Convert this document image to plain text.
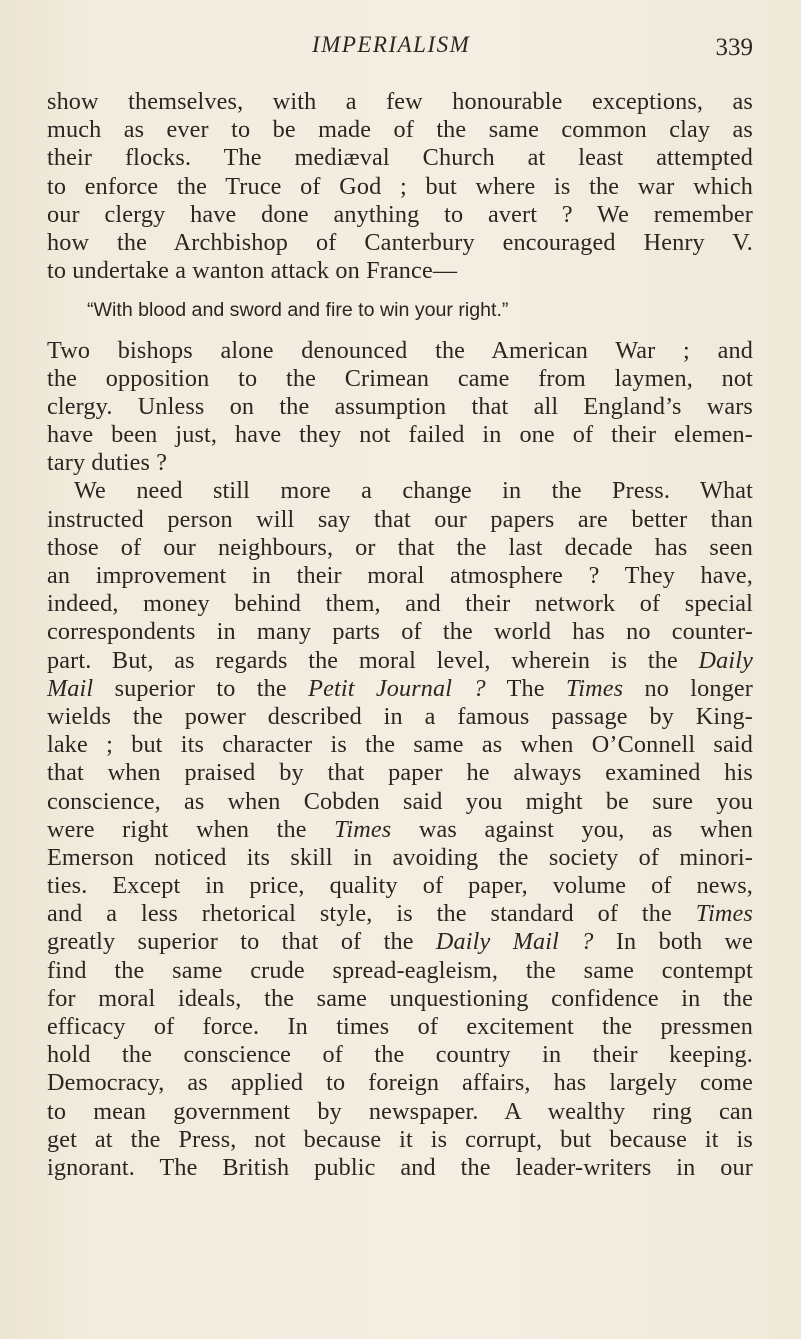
IMPERIALISM	339
show themselves, with a few honourable exceptions, as
much as ever to be made of the same common clay as
their flocks. The mediæval Church at least attempted
to enforce the Truce of God ; but where is the war which
our clergy have done anything to avert ? We remember
how the Archbishop of Canterbury encouraged Henry V.
to undertake a wanton attack on France—
“With blood and sword and fire to win your right.”
Two bishops alone denounced the American War ; and
the opposition to the Crimean came from laymen, not
clergy. Unless on the assumption that all England’s wars
have been just, have they not failed in one of their elemen-
tary duties ?
We need still more a change in the Press. What
instructed person will say that our papers are better than
those of our neighbours, or that the last decade has seen
an improvement in their moral atmosphere ? They have,
indeed, money behind them, and their network of special
correspondents in many parts of the world has no counter-
part. But, as regards the moral level, wherein is the Daily
Mail superior to the Petit Journal ? The Times no longer
wields the power described in a famous passage by King-
lake ; but its character is the same as when O’Connell said
that when praised by that paper he always examined his
conscience, as when Cobden said you might be sure you
were right when the Times was against you, as when
Emerson noticed its skill in avoiding the society of minori-
ties. Except in price, quality of paper, volume of news,
and a less rhetorical style, is the standard of the Times
greatly superior to that of the Daily Mail ? In both we
find the same crude spread-eagleism, the same contempt
for moral ideals, the same unquestioning confidence in the
efficacy of force. In times of excitement the pressmen
hold the conscience of the country in their keeping.
Democracy, as applied to foreign affairs, has largely come
to mean government by newspaper. A wealthy ring can
get at the Press, not because it is corrupt, but because it is
ignorant. The British public and the leader-writers in our
